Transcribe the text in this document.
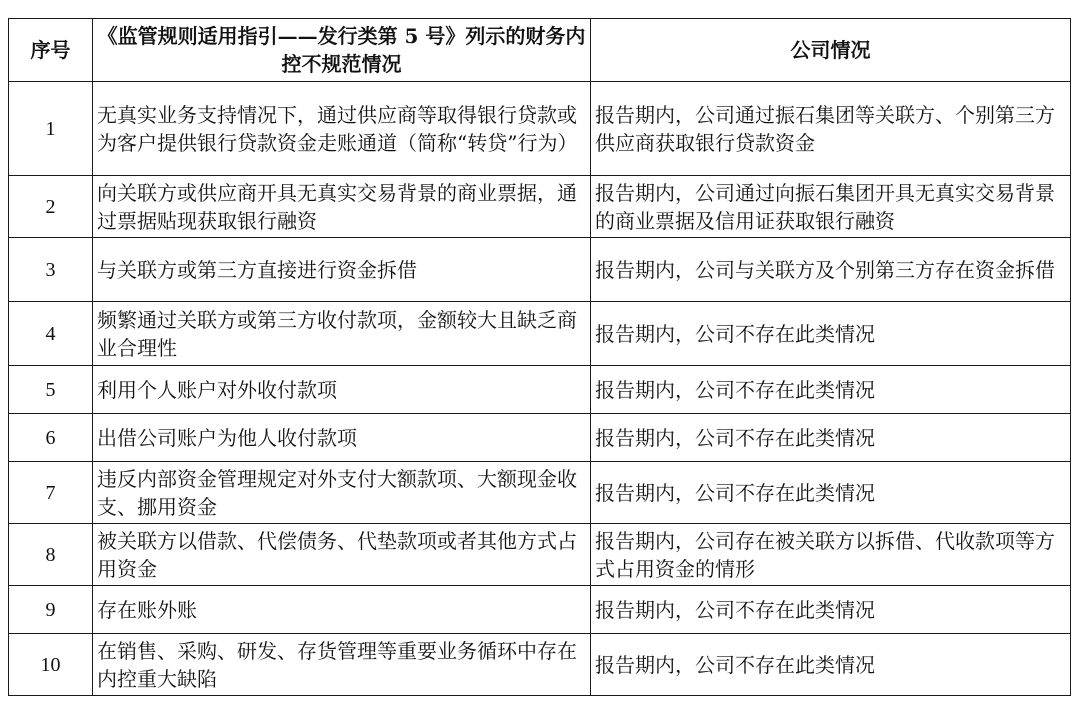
序号	《监管规则适用指引——发行类第 5 号》列示的财务内控不规范情况	公司情况
1	无真实业务支持情况下，通过供应商等取得银行贷款或为客户提供银行贷款资金走账通道（简称“转贷”行为）	报告期内，公司通过振石集团等关联方、个别第三方供应商获取银行贷款资金
2	向关联方或供应商开具无真实交易背景的商业票据，通过票据贴现获取银行融资	报告期内，公司通过向振石集团开具无真实交易背景的商业票据及信用证获取银行融资
3	与关联方或第三方直接进行资金拆借	报告期内，公司与关联方及个别第三方存在资金拆借
4	频繁通过关联方或第三方收付款项，金额较大且缺乏商业合理性	报告期内，公司不存在此类情况
5	利用个人账户对外收付款项	报告期内，公司不存在此类情况
6	出借公司账户为他人收付款项	报告期内，公司不存在此类情况
7	违反内部资金管理规定对外支付大额款项、大额现金收支、挪用资金	报告期内，公司不存在此类情况
8	被关联方以借款、代偿债务、代垫款项或者其他方式占用资金	报告期内，公司存在被关联方以拆借、代收款项等方式占用资金的情形
9	存在账外账	报告期内，公司不存在此类情况
10	在销售、采购、研发、存货管理等重要业务循环中存在内控重大缺陷	报告期内，公司不存在此类情况
